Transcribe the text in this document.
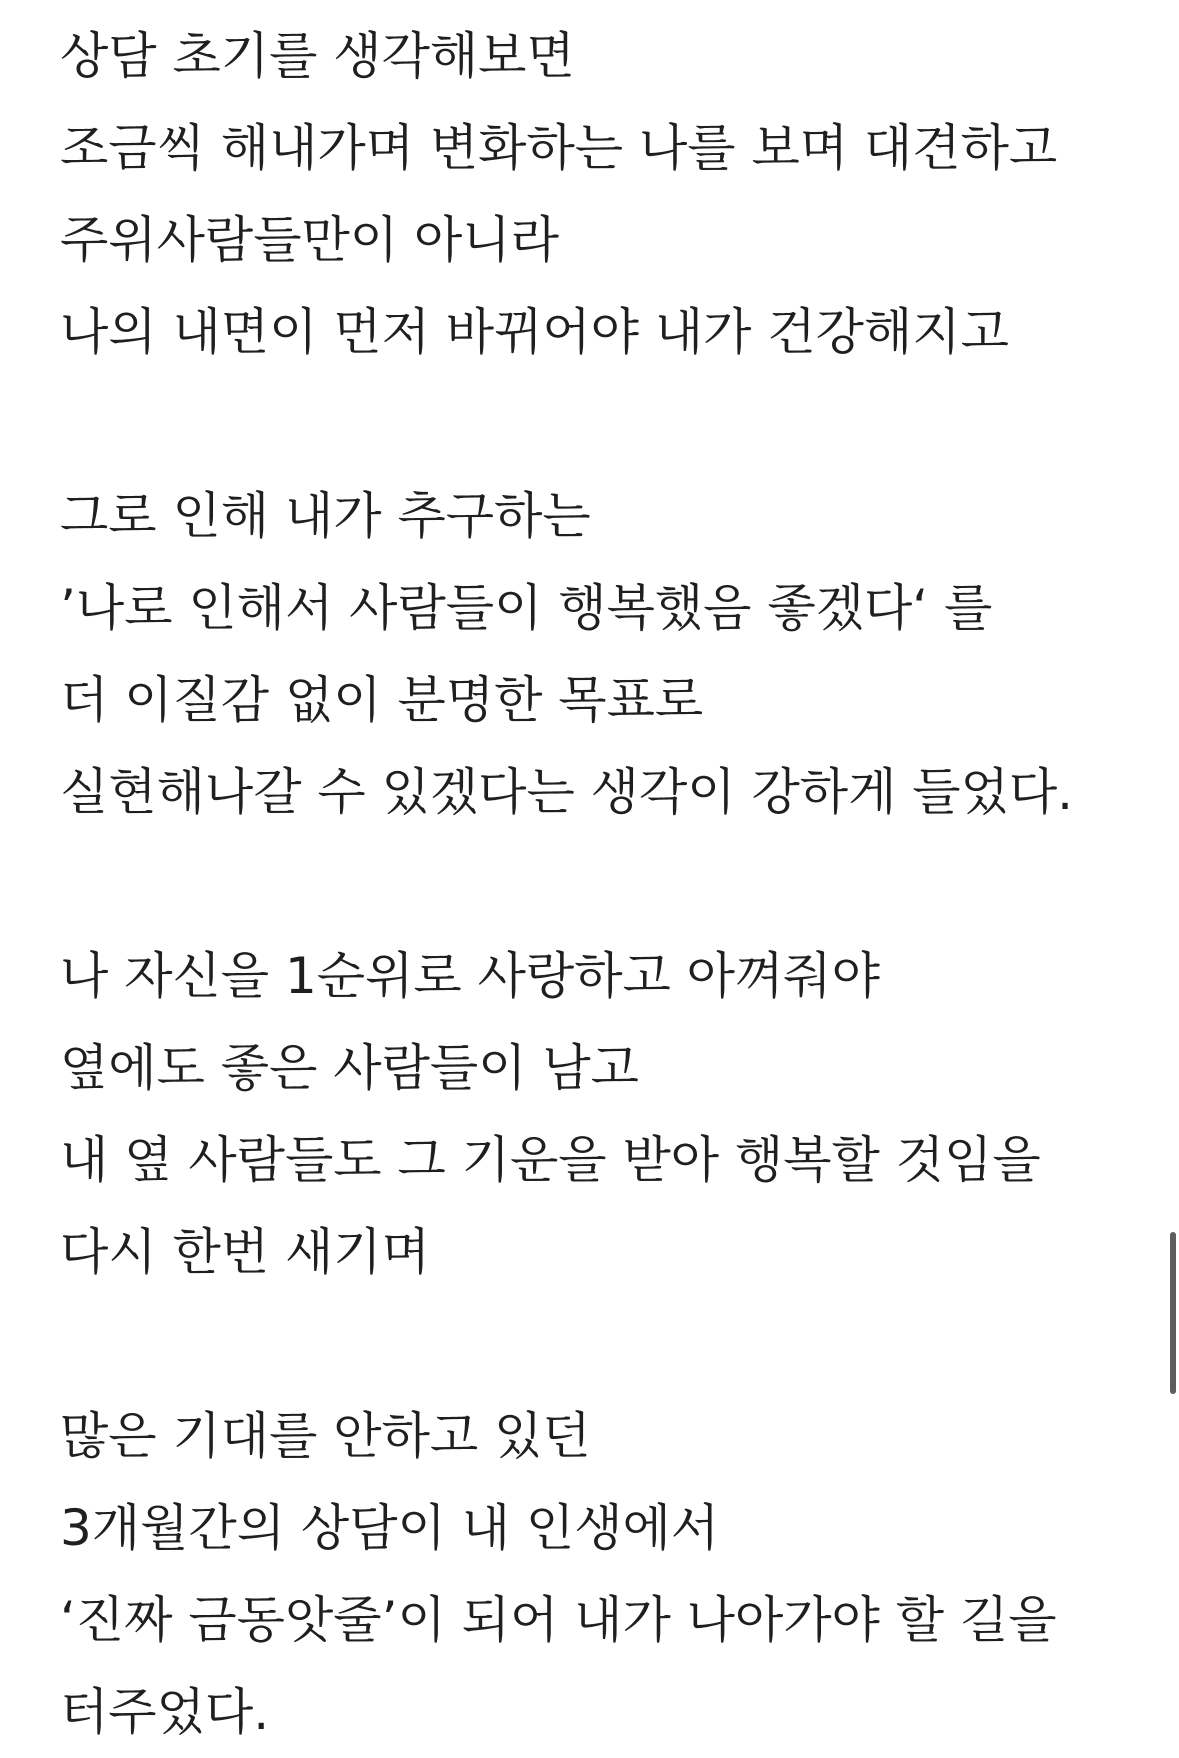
상담 초기를 생각해보면
조금씩 해내가며 변화하는 나를 보며 대견하고
주위사람들만이 아니라
나의 내면이 먼저 바뀌어야 내가 건강해지고
그로 인해 내가 추구하는
’나로 인해서 사람들이 행복했음 좋겠다‘ 를
더 이질감 없이 분명한 목표로
실현해나갈 수 있겠다는 생각이 강하게 들었다.
나 자신을 1순위로 사랑하고 아껴줘야
옆에도 좋은 사람들이 남고
내 옆 사람들도 그 기운을 받아 행복할 것임을
다시 한번 새기며
많은 기대를 안하고 있던
3개월간의 상담이 내 인생에서
‘진짜 금동앗줄’이 되어 내가 나아가야 할 길을
터주었다.
